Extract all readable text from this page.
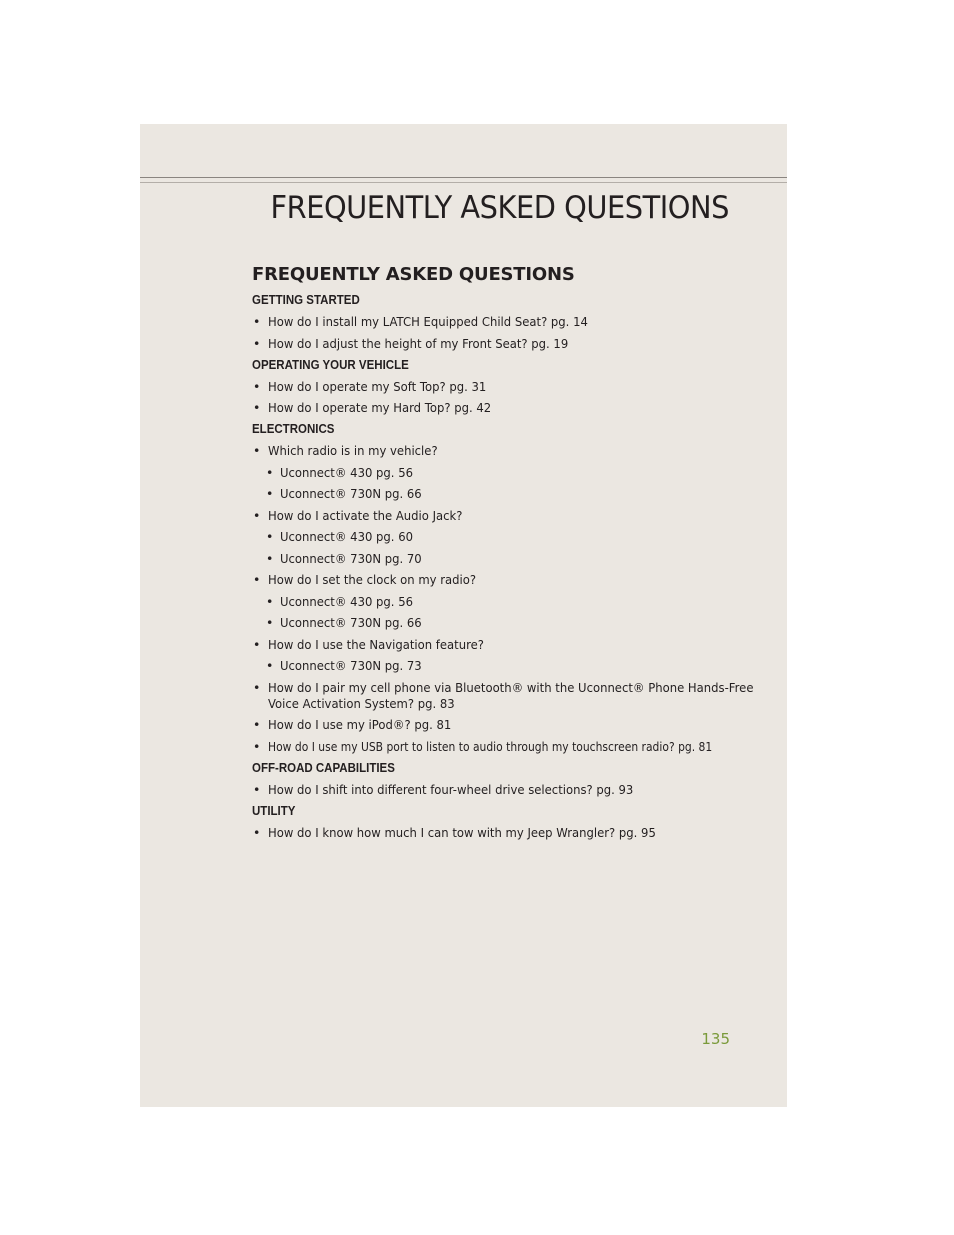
FREQUENTLY ASKED QUESTIONS
FREQUENTLY ASKED QUESTIONS
GETTING STARTED
• How do I install my LATCH Equipped Child Seat? pg. 14
• How do I adjust the height of my Front Seat? pg. 19
OPERATING YOUR VEHICLE
• How do I operate my Soft Top? pg. 31
• How do I operate my Hard Top? pg. 42
ELECTRONICS
• Which radio is in my vehicle?
• Uconnect® 430 pg. 56
• Uconnect® 730N pg. 66
• How do I activate the Audio Jack?
• Uconnect® 430 pg. 60
• Uconnect® 730N pg. 70
• How do I set the clock on my radio?
• Uconnect® 430 pg. 56
• Uconnect® 730N pg. 66
• How do I use the Navigation feature?
• Uconnect® 730N pg. 73
• How do I pair my cell phone via Bluetooth® with the Uconnect® Phone Hands-Free Voice Activation System? pg. 83
• How do I use my iPod®? pg. 81
• How do I use my USB port to listen to audio through my touchscreen radio? pg. 81
OFF-ROAD CAPABILITIES
• How do I shift into different four-wheel drive selections? pg. 93
UTILITY
• How do I know how much I can tow with my Jeep Wrangler? pg. 95
135
